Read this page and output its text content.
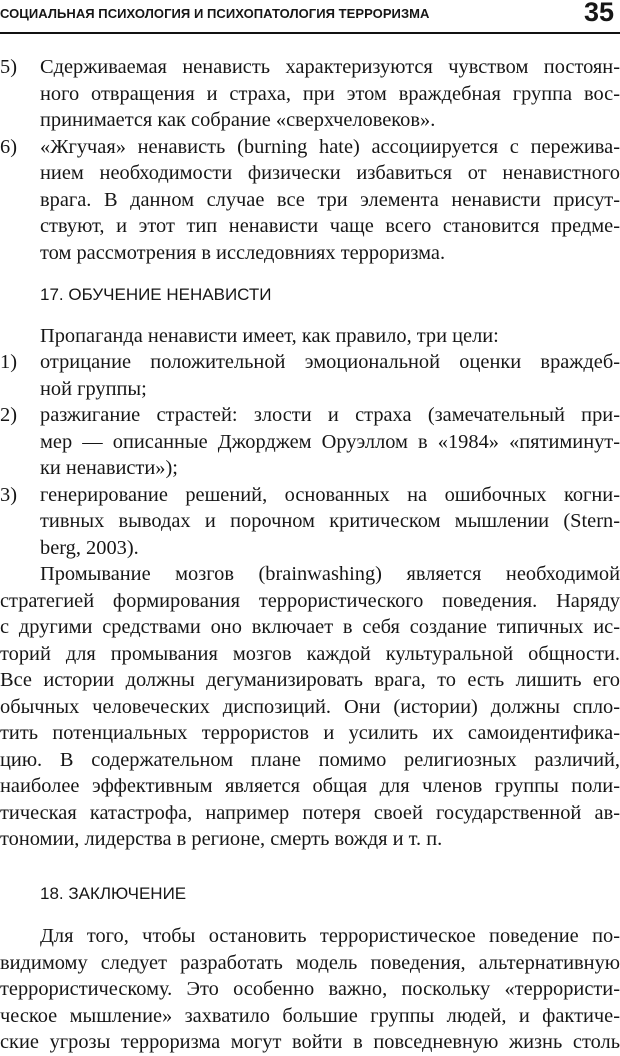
СОЦИАЛЬНАЯ ПСИХОЛОГИЯ И ПСИХОПАТОЛОГИЯ ТЕРРОРИЗМА	35
5) Сдерживаемая ненависть характеризуются чувством постоян-
ного отвращения и страха, при этом враждебная группа вос-
принимается как собрание «сверхчеловеков».
6) «Жгучая» ненависть (burning hate) ассоциируется с пережива-
нием необходимости физически избавиться от ненавистного
врага. В данном случае все три элемента ненависти присут-
ствуют, и этот тип ненависти чаще всего становится предме-
том рассмотрения в исследовниях терроризма.

17. ОБУЧЕНИЕ НЕНАВИСТИ

Пропаганда ненависти имеет, как правило, три цели:

1) отрицание положительной эмоциональной оценки враждеб-
ной группы;
2) разжигание страстей: злости и страха (замечательный при-
мер — описанные Джорджем Оруэллом в «1984» «пятиминут-
ки ненависти»);
3) генерирование решений, основанных на ошибочных когни-
тивных выводах и порочном критическом мышлении (Stern-
berg, 2003).
Промывание мозгов (brainwashing) является необходимой
стратегией формирования террористического поведения. Наряду
с другими средствами оно включает в себя создание типичных ис-
торий для промывания мозгов каждой культуральной общности.
Все истории должны дегуманизировать врага, то есть лишить его
обычных человеческих диспозиций. Они (истории) должны спло-
тить потенциальных террористов и усилить их самоидентифика-
цию. В содержательном плане помимо религиозных различий,
наиболее эффективным является общая для членов группы поли-
тическая катастрофа, например потеря своей государственной ав-
тономии, лидерства в регионе, смерть вождя и т. п.

18. ЗАКЛЮЧЕНИЕ

Для того, чтобы остановить террористическое поведение по-
видимому следует разработать модель поведения, альтернативную
террористическому. Это особенно важно, поскольку «террористи-
ческое мышление» захватило большие группы людей, и фактиче-
ские угрозы терроризма могут войти в повседневную жизнь столь
